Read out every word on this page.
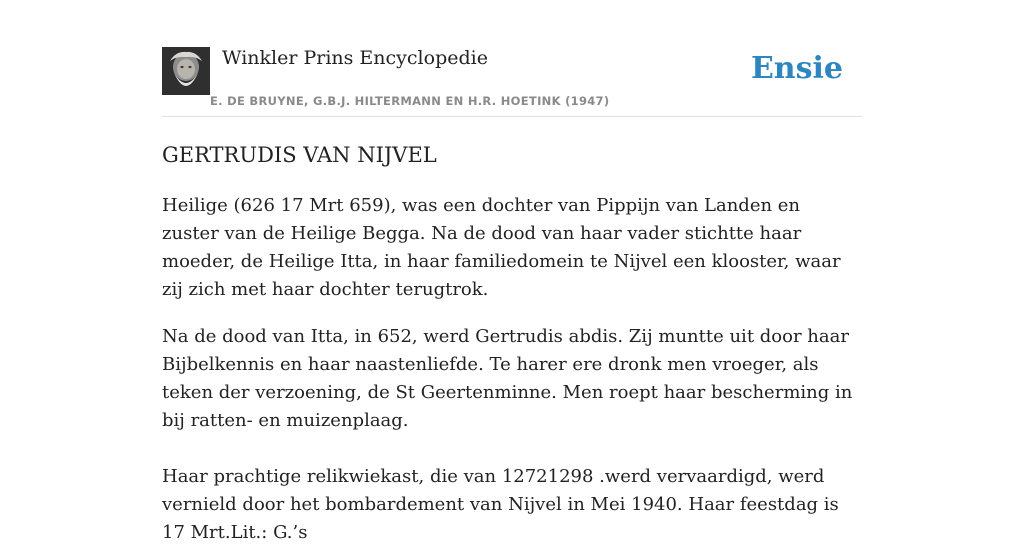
Winkler Prins Encyclopedie
E. DE BRUYNE, G.B.J. HILTERMANN EN H.R. HOETINK (1947)
Ensie
GERTRUDIS VAN NIJVEL

Heilige (626 17 Mrt 659), was een dochter van Pippijn van Landen en zuster van de Heilige Begga. Na de dood van haar vader stichtte haar moeder, de Heilige Itta, in haar familiedomein te Nijvel een klooster, waar zij zich met haar dochter terugtrok.

Na de dood van Itta, in 652, werd Gertrudis abdis. Zij muntte uit door haar Bijbelkennis en haar naastenliefde. Te harer ere dronk men vroeger, als teken der verzoening, de St Geertenminne. Men roept haar bescherming in bij ratten- en muizenplaag.

Haar prachtige relikwiekast, die van 12721298 .werd vervaardigd, werd vernield door het bombardement van Nijvel in Mei 1940. Haar feestdag is 17 Mrt.Lit.: G.’s
